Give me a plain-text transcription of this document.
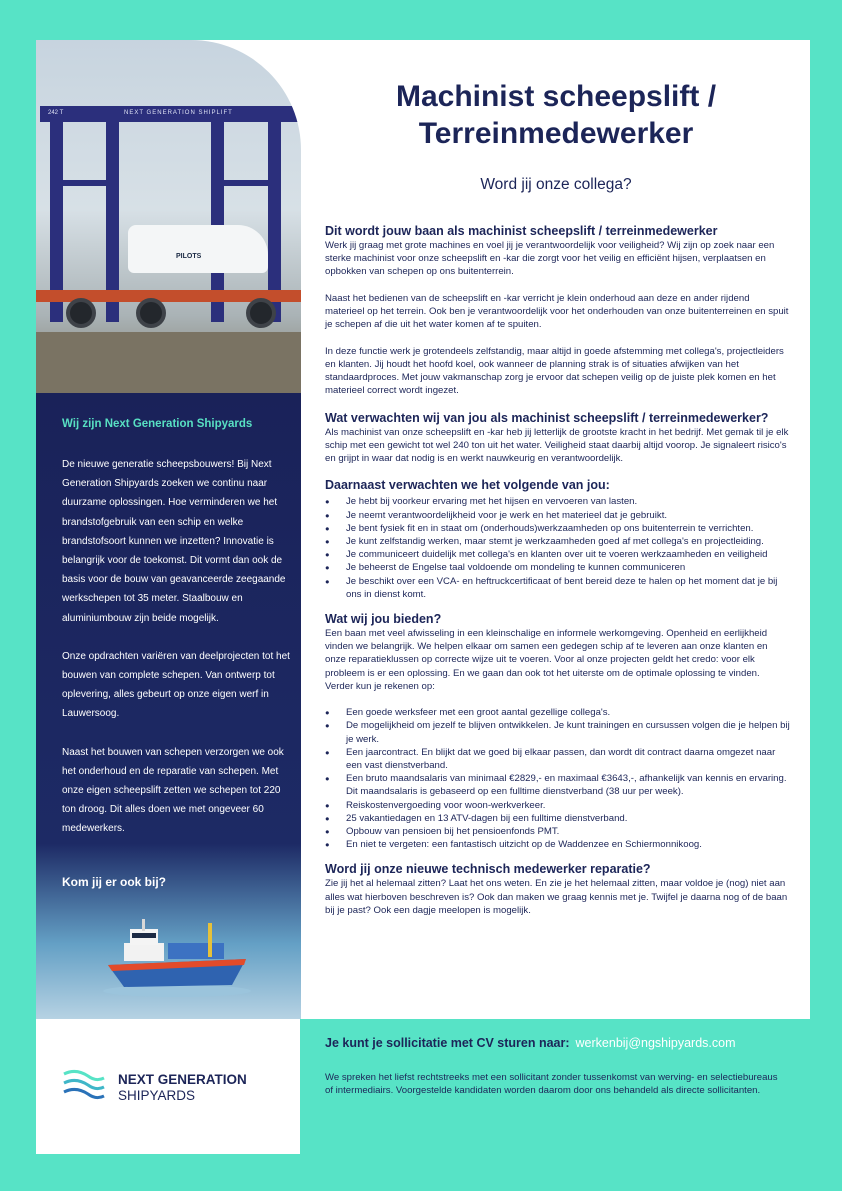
242 T	NEXT GENERATION SHIPLIFT
PILOTS
Wij zijn Next Generation Shipyards

De nieuwe generatie scheepsbouwers! Bij Next Generation Shipyards zoeken we continu naar duurzame oplossingen. Hoe verminderen we het brandstofgebruik van een schip en welke brandstofsoort kunnen we inzetten? Innovatie is belangrijk voor de toekomst. Dit vormt dan ook de basis voor de bouw van geavanceerde zeegaande werkschepen tot 35 meter. Staalbouw en aluminiumbouw zijn beide mogelijk.

Onze opdrachten variëren van deelprojecten tot het bouwen van complete schepen. Van ontwerp tot oplevering, alles gebeurt op onze eigen werf in Lauwersoog.

Naast het bouwen van schepen verzorgen we ook het onderhoud en de reparatie van schepen. Met onze eigen scheepslift zetten we schepen tot 220 ton droog. Dit alles doen we met ongeveer 60 medewerkers.

Kom jij er ook bij?
NEXT GENERATION
SHIPYARDS
Machinist scheepslift / Terreinmedewerker
Word jij onze collega?
Dit wordt jouw baan als machinist scheepslift / terreinmedewerker

Werk jij graag met grote machines en voel jij je verantwoordelijk voor veiligheid? Wij zijn op zoek naar een sterke machinist voor onze scheepslift en -kar die zorgt voor het veilig en efficiënt hijsen, verplaatsen en opbokken van schepen op ons buitenterrein.

Naast het bedienen van de scheepslift en -kar verricht je klein onderhoud aan deze en ander rijdend materieel op het terrein. Ook ben je verantwoordelijk voor het onderhouden van onze buitenterreinen en spuit je schepen af die uit het water komen af te spuiten.

In deze functie werk je grotendeels zelfstandig, maar altijd in goede afstemming met collega's, projectleiders en klanten. Jij houdt het hoofd koel, ook wanneer de planning strak is of situaties afwijken van het standaardproces. Met jouw vakmanschap zorg je ervoor dat schepen veilig op de juiste plek komen en het materieel correct wordt ingezet.

Wat verwachten wij van jou als machinist scheepslift / terreinmedewerker?

Als machinist van onze scheepslift en -kar heb jij letterlijk de grootste kracht in het bedrijf. Met gemak til je elk schip met een gewicht tot wel 240 ton uit het water. Veiligheid staat daarbij altijd voorop. Je signaleert risico's en grijpt in waar dat nodig is en werkt nauwkeurig en verantwoordelijk.

Daarnaast verwachten we het volgende van jou:
● Je hebt bij voorkeur ervaring met het hijsen en vervoeren van lasten.
● Je neemt verantwoordelijkheid voor je werk en het materieel dat je gebruikt.
● Je bent fysiek fit en in staat om (onderhouds)werkzaamheden op ons buitenterrein te verrichten.
● Je kunt zelfstandig werken, maar stemt je werkzaamheden goed af met collega's en projectleiding.
● Je communiceert duidelijk met collega's en klanten over uit te voeren werkzaamheden en veiligheid
● Je beheerst de Engelse taal voldoende om mondeling te kunnen communiceren
● Je beschikt over een VCA- en heftruckcertificaat of bent bereid deze te halen op het moment dat je bij ons in dienst komt.
Wat wij jou bieden?

Een baan met veel afwisseling in een kleinschalige en informele werkomgeving. Openheid en eerlijkheid vinden we belangrijk. We helpen elkaar om samen een gedegen schip af te leveren aan onze klanten en onze reparatieklussen op correcte wijze uit te voeren. Voor al onze projecten geldt het credo: voor elk probleem is er een oplossing. En we gaan dan ook tot het uiterste om de optimale oplossing te vinden. Verder kun je rekenen op:

● Een goede werksfeer met een groot aantal gezellige collega's.
● De mogelijkheid om jezelf te blijven ontwikkelen. Je kunt trainingen en cursussen volgen die je helpen bij je werk.
● Een jaarcontract. En blijkt dat we goed bij elkaar passen, dan wordt dit contract daarna omgezet naar een vast dienstverband.
● Een bruto maandsalaris van minimaal €2829,- en maximaal €3643,-, afhankelijk van kennis en ervaring. Dit maandsalaris is gebaseerd op een fulltime dienstverband (38 uur per week).
● Reiskostenvergoeding voor woon-werkverkeer.
● 25 vakantiedagen en 13 ATV-dagen bij een fulltime dienstverband.
● Opbouw van pensioen bij het pensioenfonds PMT.
● En niet te vergeten: een fantastisch uitzicht op de Waddenzee en Schiermonnikoog.
Word jij onze nieuwe technisch medewerker reparatie?

Zie jij het al helemaal zitten? Laat het ons weten. En zie je het helemaal zitten, maar voldoe je (nog) niet aan alles wat hierboven beschreven is? Ook dan maken we graag kennis met je. Twijfel je daarna nog of de baan bij je past? Ook een dagje meelopen is mogelijk.

Je kunt je sollicitatie met CV sturen naar: werkenbij@ngshipyards.com
We spreken het liefst rechtstreeks met een sollicitant zonder tussenkomst van werving- en selectiebureaus of intermediairs. Voorgestelde kandidaten worden daarom door ons behandeld als directe sollicitanten.
